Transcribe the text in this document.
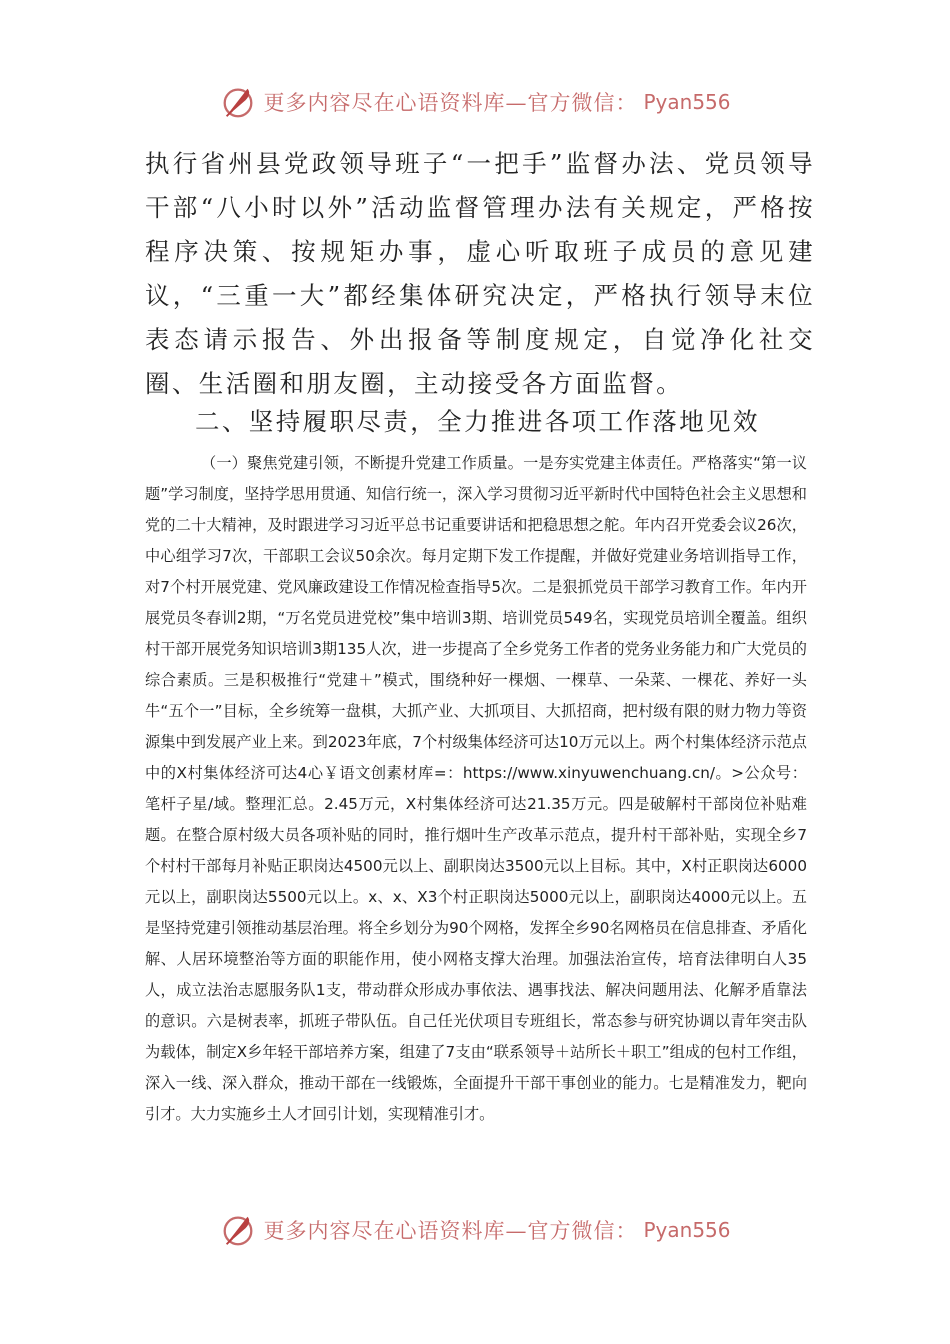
更多内容尽在心语资料库—官方微信： Pyan556

执行省州县党政领导班子“一把手”监督办法、党员领导干部“八小时以外”活动监督管理办法有关规定，严格按程序决策、按规矩办事，虚心听取班子成员的意见建议，“三重一大”都经集体研究决定，严格执行领导末位表态请示报告、外出报备等制度规定，自觉净化社交圈、生活圈和朋友圈，主动接受各方面监督。

二、坚持履职尽责，全力推进各项工作落地见效

（一）聚焦党建引领，不断提升党建工作质量。一是夯实党建主体责任。严格落实“第一议题”学习制度，坚持学思用贯通、知信行统一，深入学习贯彻习近平新时代中国特色社会主义思想和党的二十大精神，及时跟进学习习近平总书记重要讲话和把稳思想之舵。年内召开党委会议26次，中心组学习7次，干部职工会议50余次。每月定期下发工作提醒，并做好党建业务培训指导工作，对7个村开展党建、党风廉政建设工作情况检查指导5次。二是狠抓党员干部学习教育工作。年内开展党员冬春训2期，“万名党员进党校”集中培训3期、培训党员549名，实现党员培训全覆盖。组织村干部开展党务知识培训3期135人次，进一步提高了全乡党务工作者的党务业务能力和广大党员的综合素质。三是积极推行“党建＋”模式，围绕种好一棵烟、一棵草、一朵菜、一棵花、养好一头牛“五个一”目标，全乡统筹一盘棋，大抓产业、大抓项目、大抓招商，把村级有限的财力物力等资源集中到发展产业上来。到2023年底，7个村级集体经济可达10万元以上。两个村集体经济示范点中的X村集体经济可达4心￥语文创素材库=：https://www.xinyuwenchuang.cn/。>公众号：笔杆子星/域。整理汇总。2.45万元，X村集体经济可达21.35万元。四是破解村干部岗位补贴难题。在整合原村级大员各项补贴的同时，推行烟叶生产改革示范点，提升村干部补贴，实现全乡7个村村干部每月补贴正职岗达4500元以上、副职岗达3500元以上目标。其中，X村正职岗达6000元以上，副职岗达5500元以上。x、x、X3个村正职岗达5000元以上，副职岗达4000元以上。五是坚持党建引领推动基层治理。将全乡划分为90个网格，发挥全乡90名网格员在信息排查、矛盾化解、人居环境整治等方面的职能作用，使小网格支撑大治理。加强法治宣传，培育法律明白人35人，成立法治志愿服务队1支，带动群众形成办事依法、遇事找法、解决问题用法、化解矛盾靠法的意识。六是树表率，抓班子带队伍。自己任光伏项目专班组长，常态参与研究协调以青年突击队为载体，制定X乡年轻干部培养方案，组建了7支由“联系领导＋站所长＋职工”组成的包村工作组，深入一线、深入群众，推动干部在一线锻炼，全面提升干部干事创业的能力。七是精准发力，靶向引才。大力实施乡土人才回引计划，实现精准引才。

更多内容尽在心语资料库—官方微信： Pyan556
